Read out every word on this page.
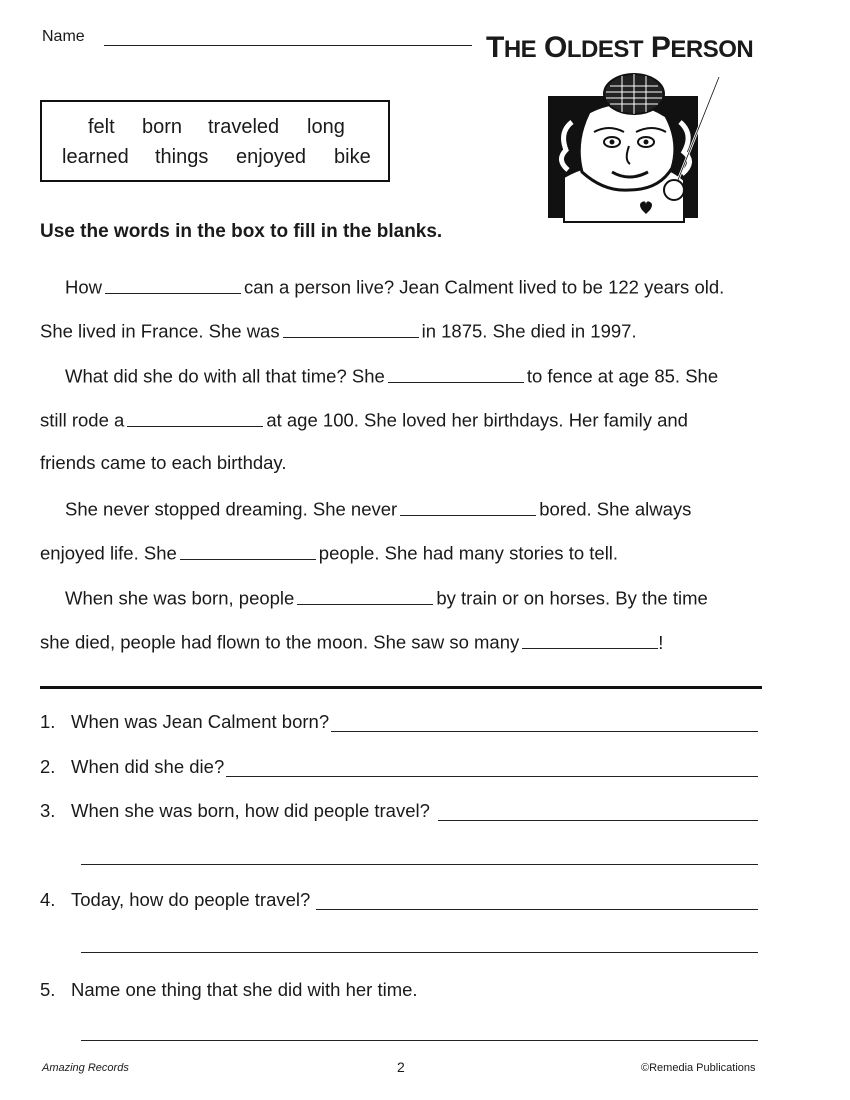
Name	THE OLDEST PERSON
felt born traveled long
learned things enjoyed bike
Use the words in the box to fill in the blanks.
How	can a person live? Jean Calment lived to be 122 years old.
She lived in France. She was	in 1875. She died in 1997.
What did she do with all that time? She	to fence at age 85. She
still rode a	at age 100. She loved her birthdays. Her family and
friends came to each birthday.
She never stopped dreaming. She never	bored. She always
enjoyed life. She	people. She had many stories to tell.
When she was born, people	by train or on horses. By the time
she died, people had flown to the moon. She saw so many	!
1. When was Jean Calment born?
2. When did she die?
3. When she was born, how did people travel?
4. Today, how do people travel?
5. Name one thing that she did with her time.
Amazing Records	2	©Remedia Publications
